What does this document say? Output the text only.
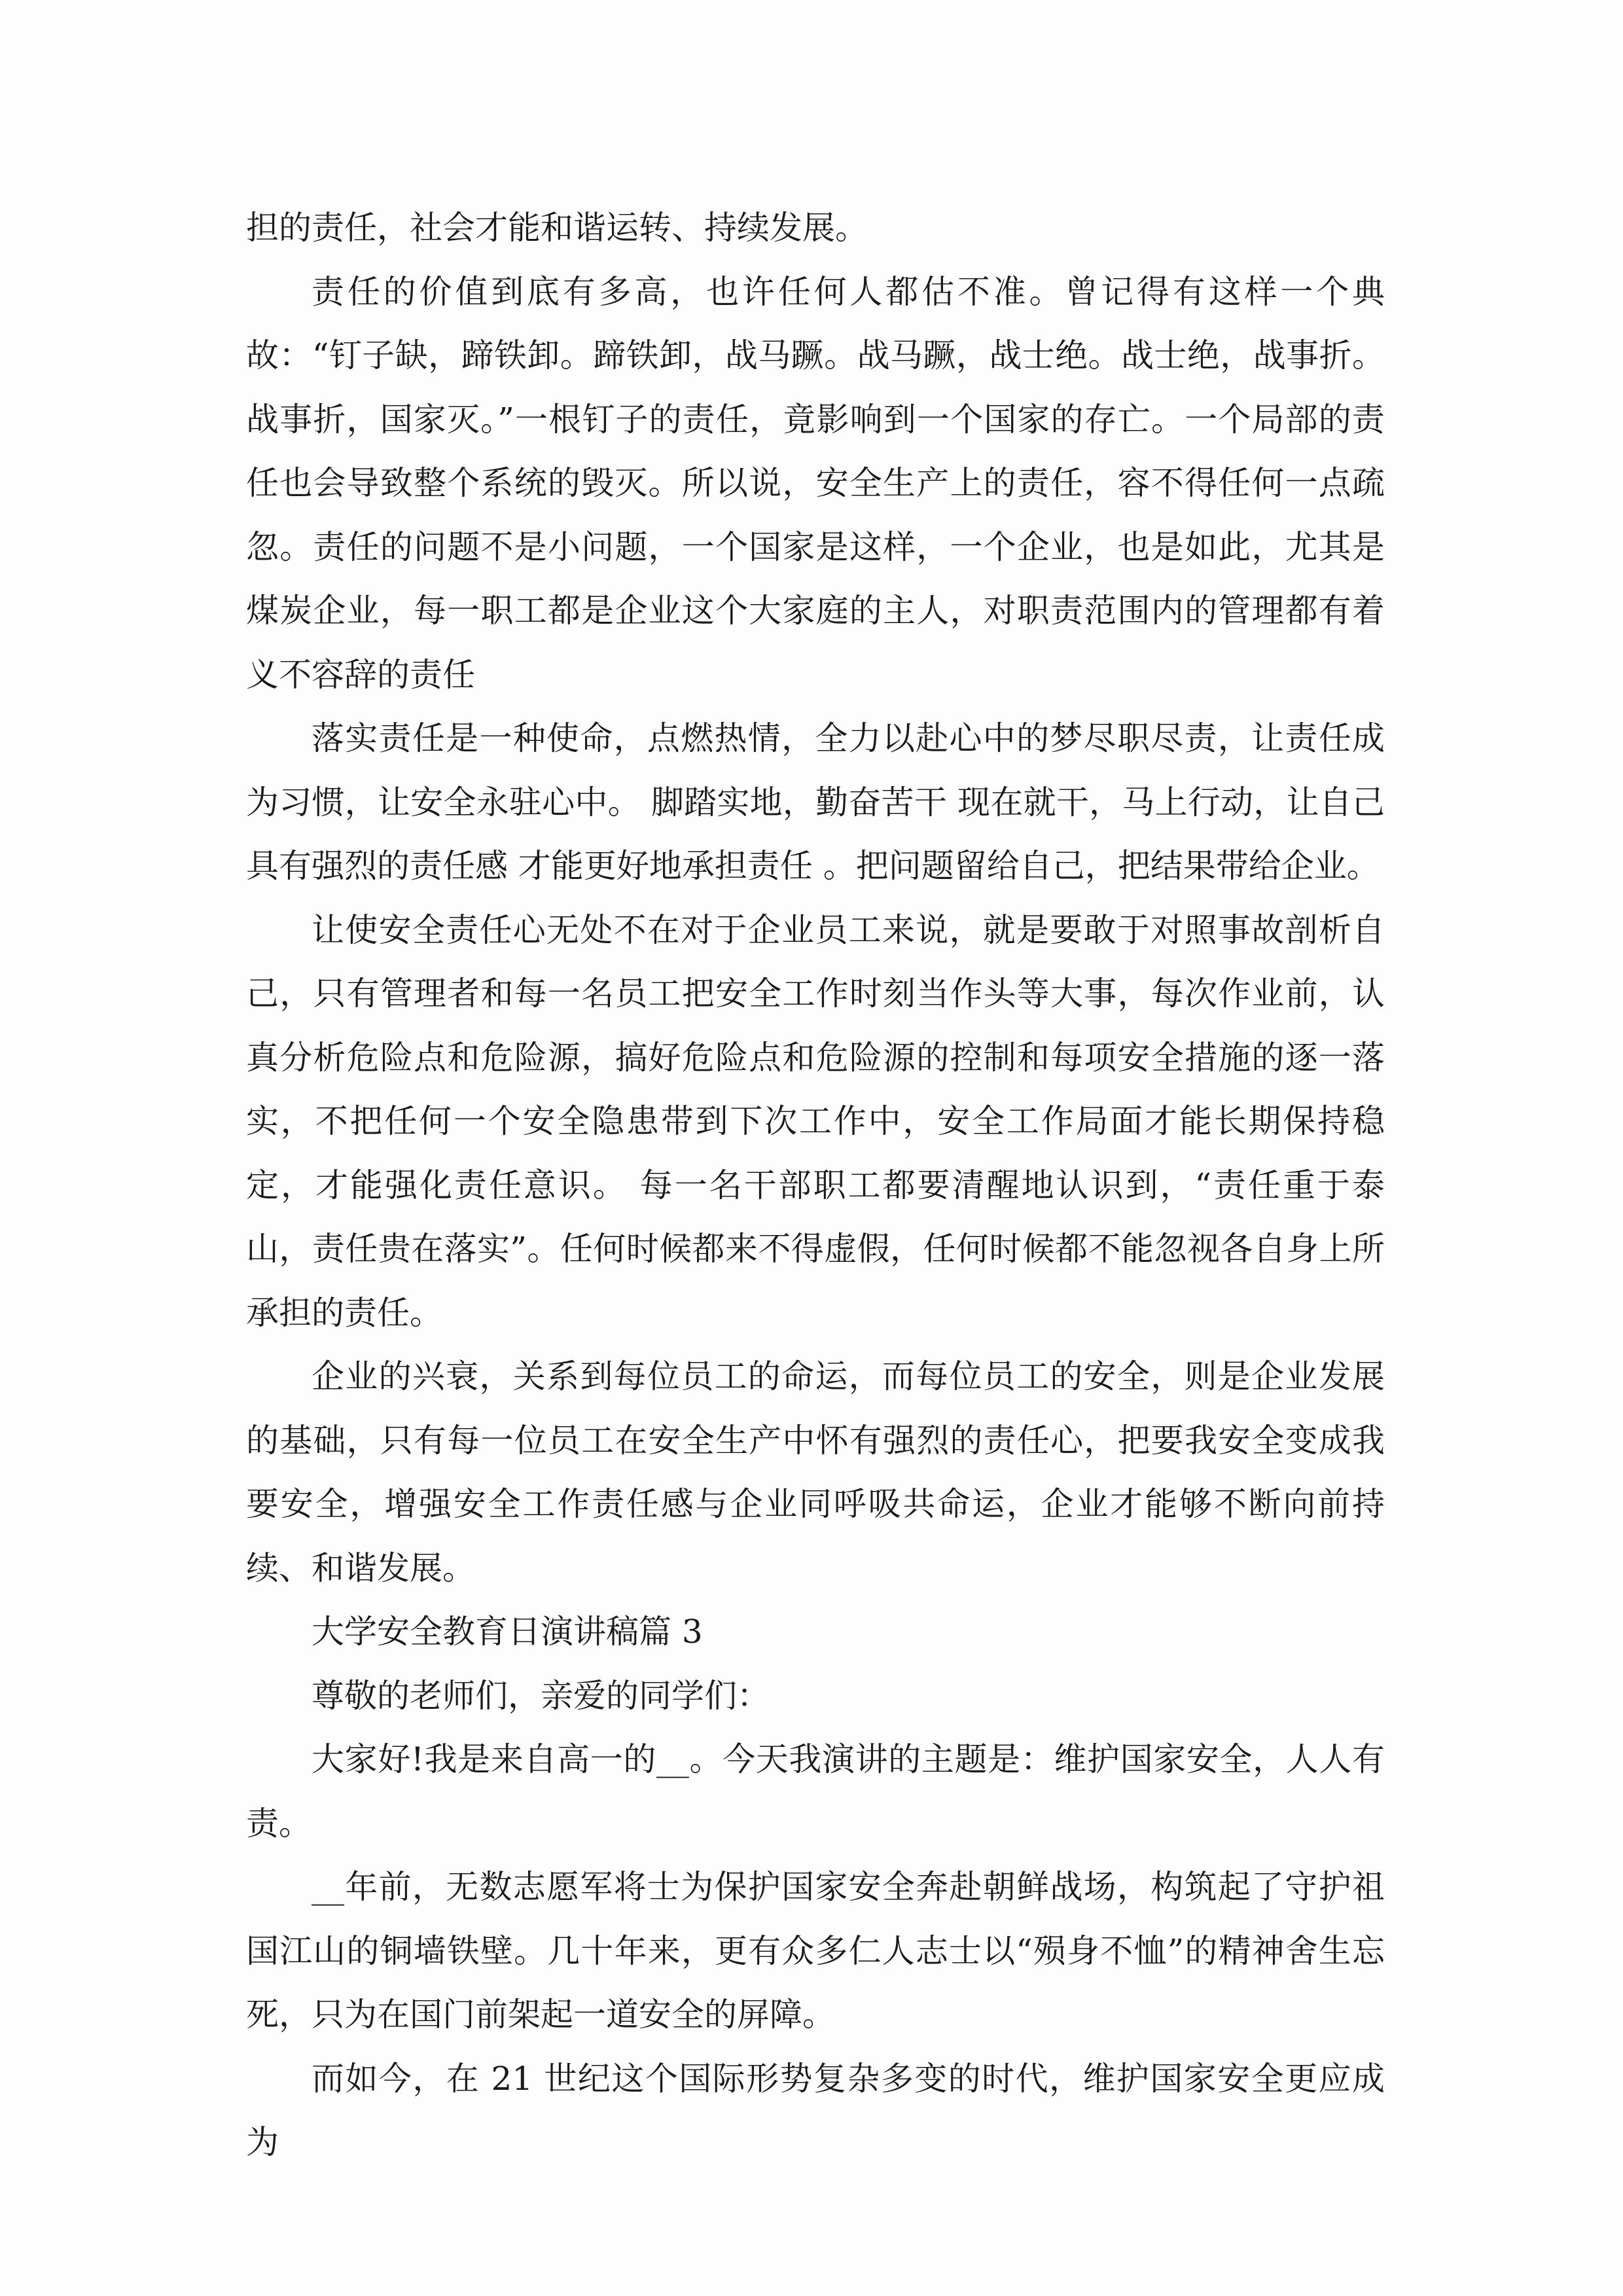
担的责任，社会才能和谐运转、持续发展。

责任的价值到底有多高，也许任何人都估不准。曾记得有这样一个典故：“钉子缺，蹄铁卸。蹄铁卸，战马蹶。战马蹶，战士绝。战士绝，战事折。战事折，国家灭。”一根钉子的责任，竟影响到一个国家的存亡。一个局部的责任也会导致整个系统的毁灭。所以说，安全生产上的责任，容不得任何一点疏忽。责任的问题不是小问题，一个国家是这样，一个企业，也是如此，尤其是煤炭企业，每一职工都是企业这个大家庭的主人，对职责范围内的管理都有着义不容辞的责任

落实责任是一种使命，点燃热情，全力以赴心中的梦尽职尽责，让责任成为习惯，让安全永驻心中。 脚踏实地，勤奋苦干 现在就干，马上行动，让自己具有强烈的责任感 才能更好地承担责任 。把问题留给自己，把结果带给企业。

让使安全责任心无处不在对于企业员工来说，就是要敢于对照事故剖析自己，只有管理者和每一名员工把安全工作时刻当作头等大事，每次作业前，认真分析危险点和危险源，搞好危险点和危险源的控制和每项安全措施的逐一落实，不把任何一个安全隐患带到下次工作中，安全工作局面才能长期保持稳定，才能强化责任意识。 每一名干部职工都要清醒地认识到，“责任重于泰山，责任贵在落实”。任何时候都来不得虚假，任何时候都不能忽视各自身上所承担的责任。

企业的兴衰，关系到每位员工的命运，而每位员工的安全，则是企业发展的基础，只有每一位员工在安全生产中怀有强烈的责任心，把要我安全变成我要安全，增强安全工作责任感与企业同呼吸共命运，企业才能够不断向前持续、和谐发展。

大学安全教育日演讲稿篇 3

尊敬的老师们，亲爱的同学们：

大家好!我是来自高一的__。今天我演讲的主题是：维护国家安全，人人有责。

__年前，无数志愿军将士为保护国家安全奔赴朝鲜战场，构筑起了守护祖国江山的铜墙铁壁。几十年来，更有众多仁人志士以“殒身不恤”的精神舍生忘死，只为在国门前架起一道安全的屏障。

而如今，在 21 世纪这个国际形势复杂多变的时代，维护国家安全更应成为
